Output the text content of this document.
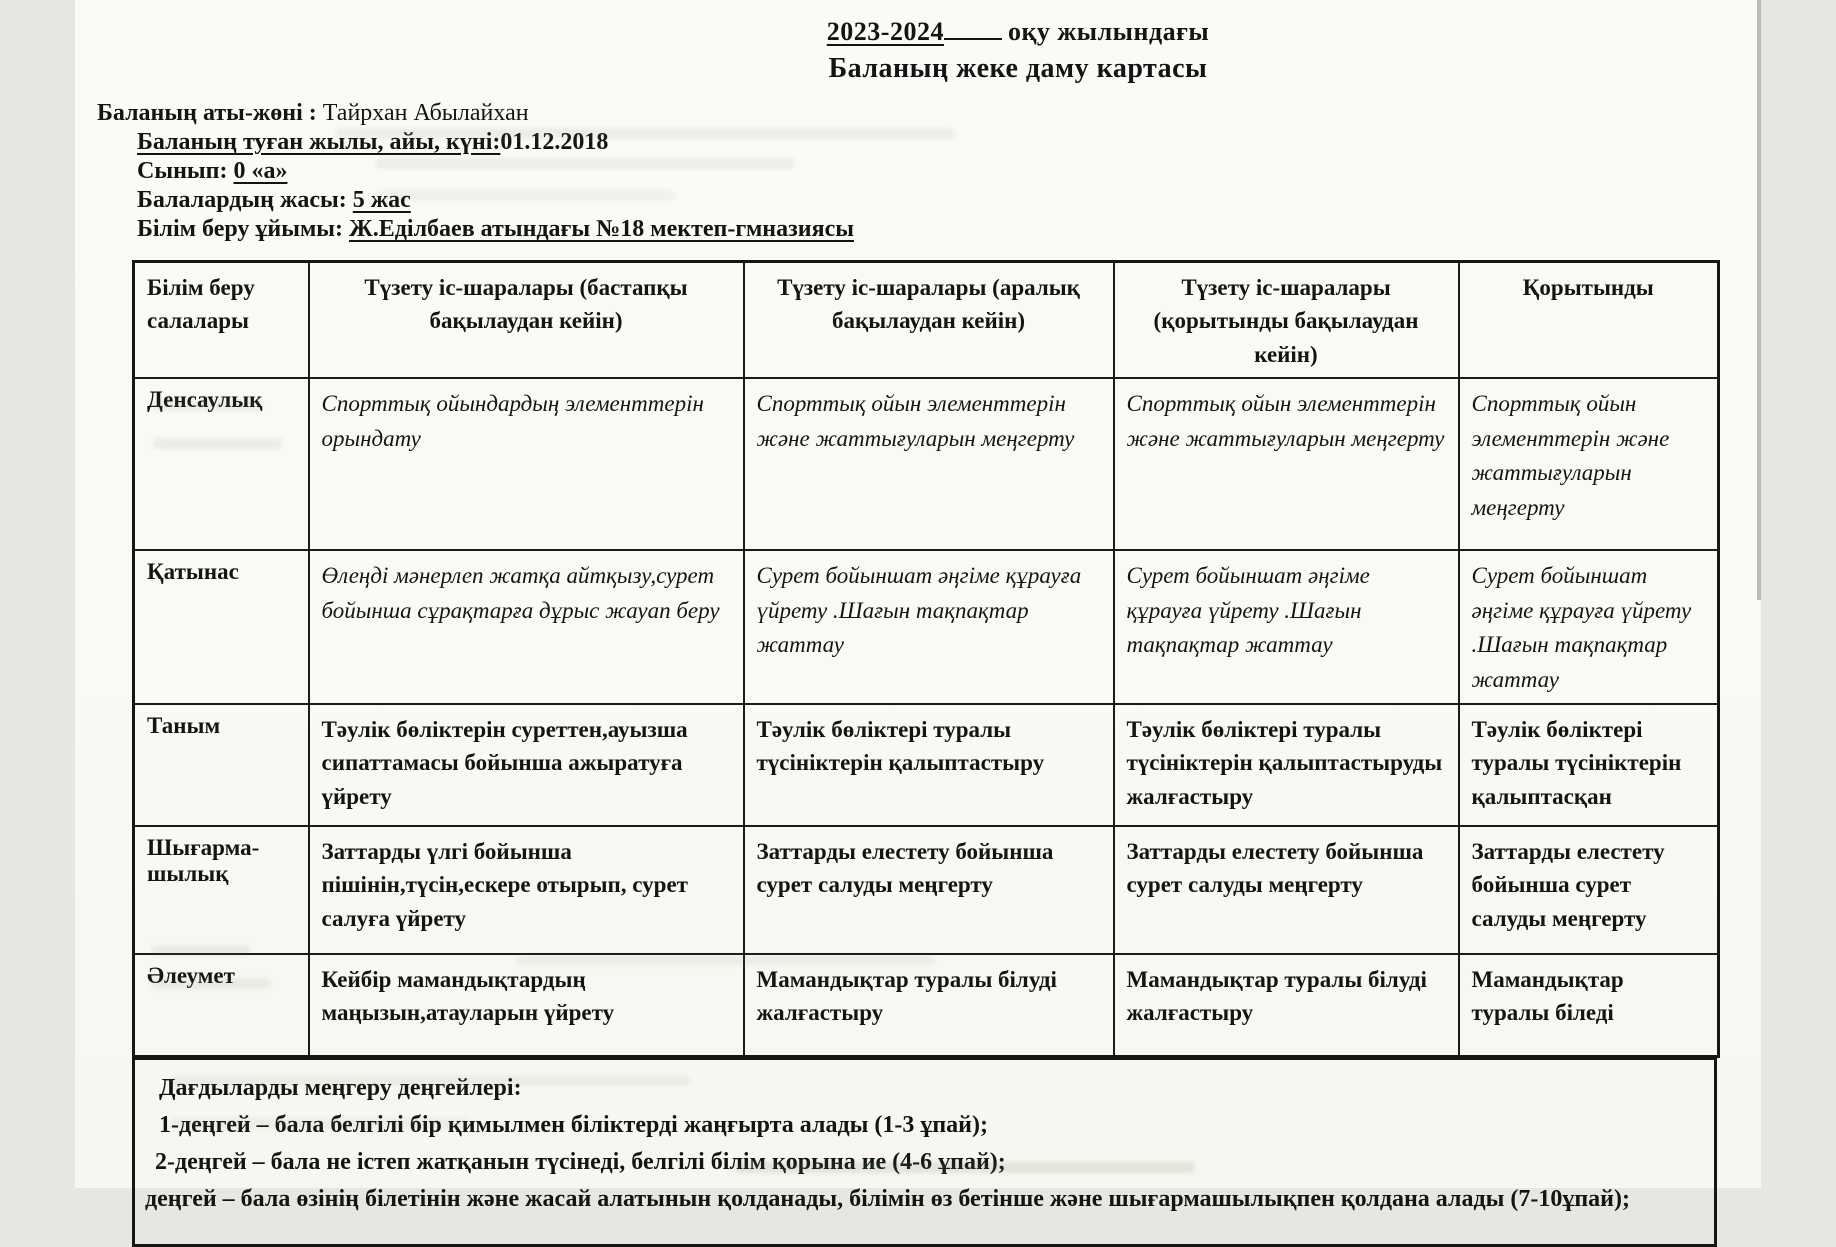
2023-2024 оқу жылындағы
Баланың жеке даму картасы
Баланың аты-жөні : Тайрхан Абылайхан
Баланың туған жылы, айы, күні:01.12.2018
Сынып: 0 «а»
Балалардың жасы: 5 жас
Білім беру ұйымы: Ж.Еділбаев атындағы №18 мектеп-гмназиясы
Білім беру салалары	Түзету іс-шаралары (бастапқы бақылаудан кейін)	Түзету іс-шаралары (аралық бақылаудан кейін)	Түзету іс-шаралары (қорытынды бақылаудан кейін)	Қорытынды
Денсаулық	Спорттық ойындардың элементтерін орындату	Спорттық ойын элементтерін және жаттығуларын меңгерту	Спорттық ойын элементтерін және жаттығуларын меңгерту	Спорттық ойын элементтерін және жаттығуларын меңгерту
Қатынас	Өлеңді мәнерлеп жатқа айтқызу,сурет бойынша сұрақтарға дұрыс жауап беру	Сурет бойыншат әңгіме құрауға үйрету .Шағын тақпақтар жаттау	Сурет бойыншат әңгіме құрауға үйрету .Шағын тақпақтар жаттау	Сурет бойыншат әңгіме құрауға үйрету .Шағын тақпақтар жаттау
Таным	Тәулік бөліктерін суреттен,ауызша сипаттамасы бойынша ажыратуға үйрету	Тәулік бөліктері туралы түсініктерін қалыптастыру	Тәулік бөліктері туралы түсініктерін қалыптастыруды жалғастыру	Тәулік бөліктері туралы түсініктерін қалыптасқан
Шығарма-шылық	Заттарды үлгі бойынша пішінін,түсін,ескере отырып, сурет салуға үйрету	Заттарды елестету бойынша сурет салуды меңгерту	Заттарды елестету бойынша сурет салуды меңгерту	Заттарды елестету бойынша сурет салуды меңгерту
Әлеумет	Кейбір мамандықтардың маңызын,атауларын үйрету	Мамандықтар туралы білуді жалғастыру	Мамандықтар туралы білуді жалғастыру	Мамандықтар туралы біледі
Дағдыларды меңгеру деңгейлері:
1-деңгей – бала белгілі бір қимылмен біліктерді жаңғырта алады (1-3 ұпай);
2-деңгей – бала не істеп жатқанын түсінеді, белгілі білім қорына ие (4-6 ұпай);
деңгей – бала өзінің білетінін және жасай алатынын қолданады, білімін өз бетінше және шығармашылықпен қолдана алады (7-10ұпай);
